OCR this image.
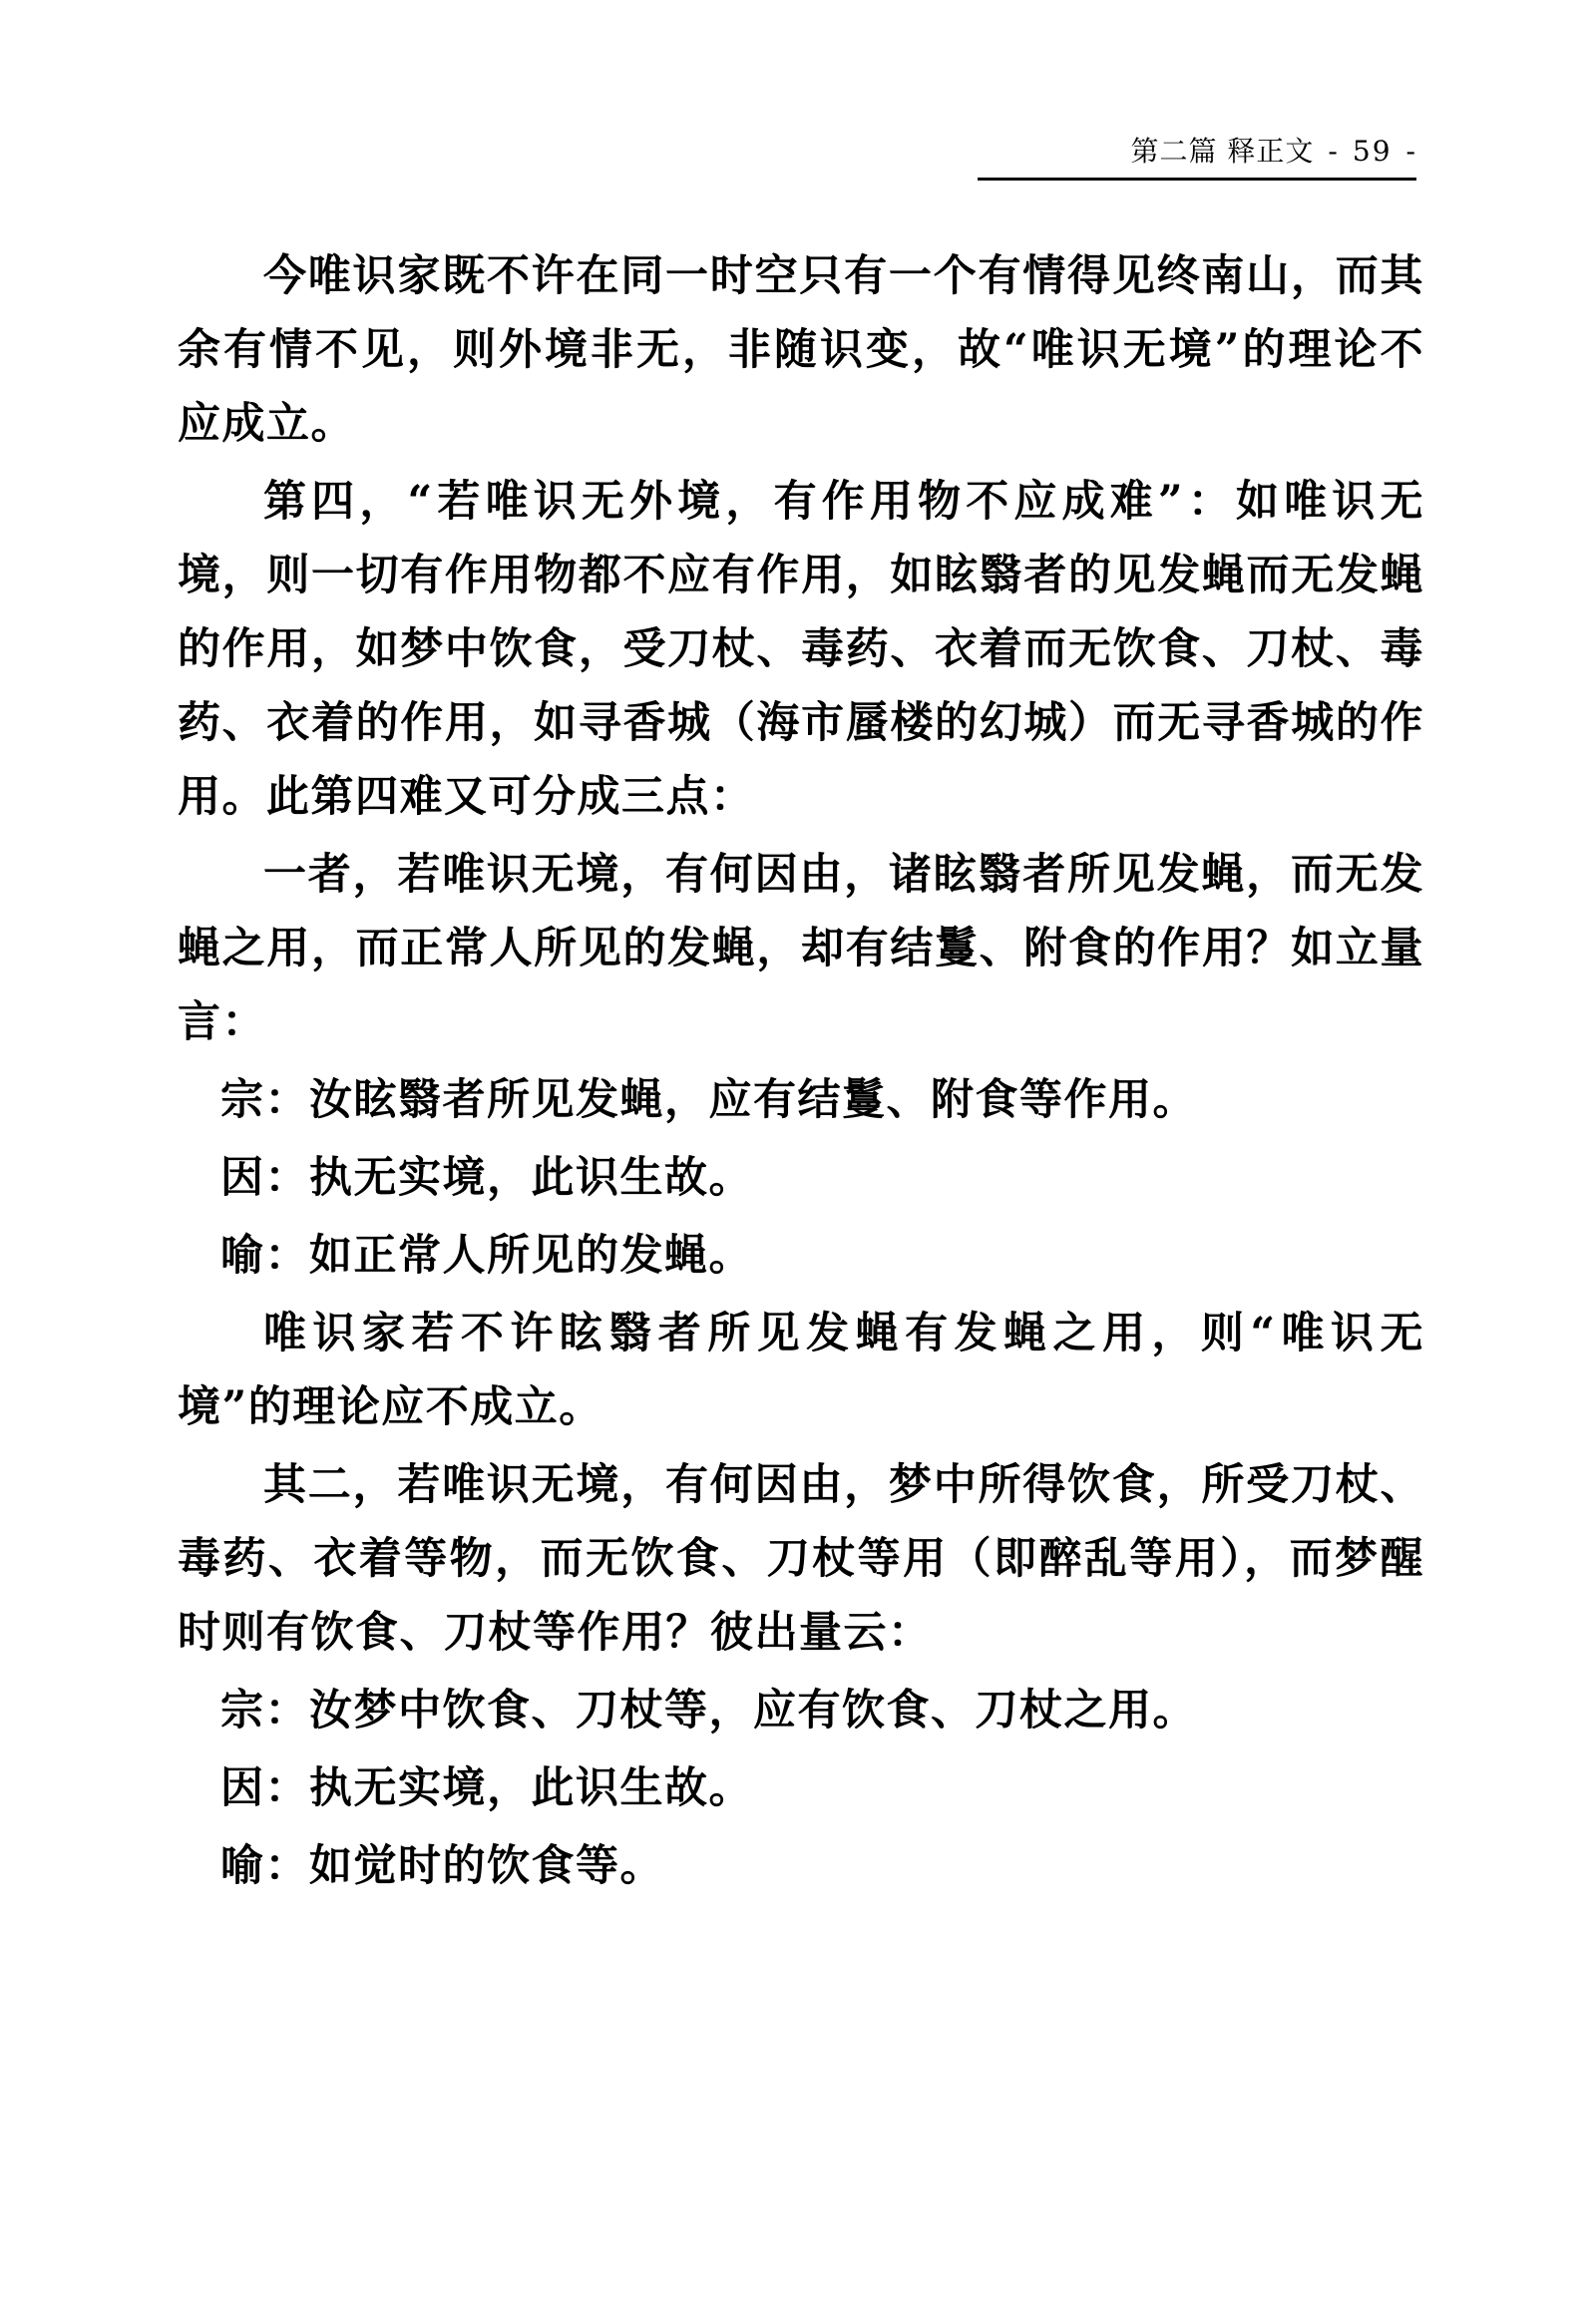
第二篇 释正文 - 59 -

今唯识家既不许在同一时空只有一个有情得见终南山，而其余有情不见，则外境非无，非随识变，故“唯识无境”的理论不应成立。

第四，“若唯识无外境，有作用物不应成难”：如唯识无境，则一切有作用物都不应有作用，如眩翳者的见发蝇而无发蝇的作用，如梦中饮食，受刀杖、毒药、衣着而无饮食、刀杖、毒药、衣着的作用，如寻香城（海市蜃楼的幻城）而无寻香城的作用。此第四难又可分成三点：

一者，若唯识无境，有何因由，诸眩翳者所见发蝇，而无发蝇之用，而正常人所见的发蝇，却有结鬘、附食的作用？如立量言：

宗：汝眩翳者所见发蝇，应有结鬘、附食等作用。

因：执无实境，此识生故。

喻：如正常人所见的发蝇。

唯识家若不许眩翳者所见发蝇有发蝇之用，则“唯识无境”的理论应不成立。

其二，若唯识无境，有何因由，梦中所得饮食，所受刀杖、毒药、衣着等物，而无饮食、刀杖等用（即醉乱等用），而梦醒时则有饮食、刀杖等作用？彼出量云：

宗：汝梦中饮食、刀杖等，应有饮食、刀杖之用。

因：执无实境，此识生故。

喻：如觉时的饮食等。
